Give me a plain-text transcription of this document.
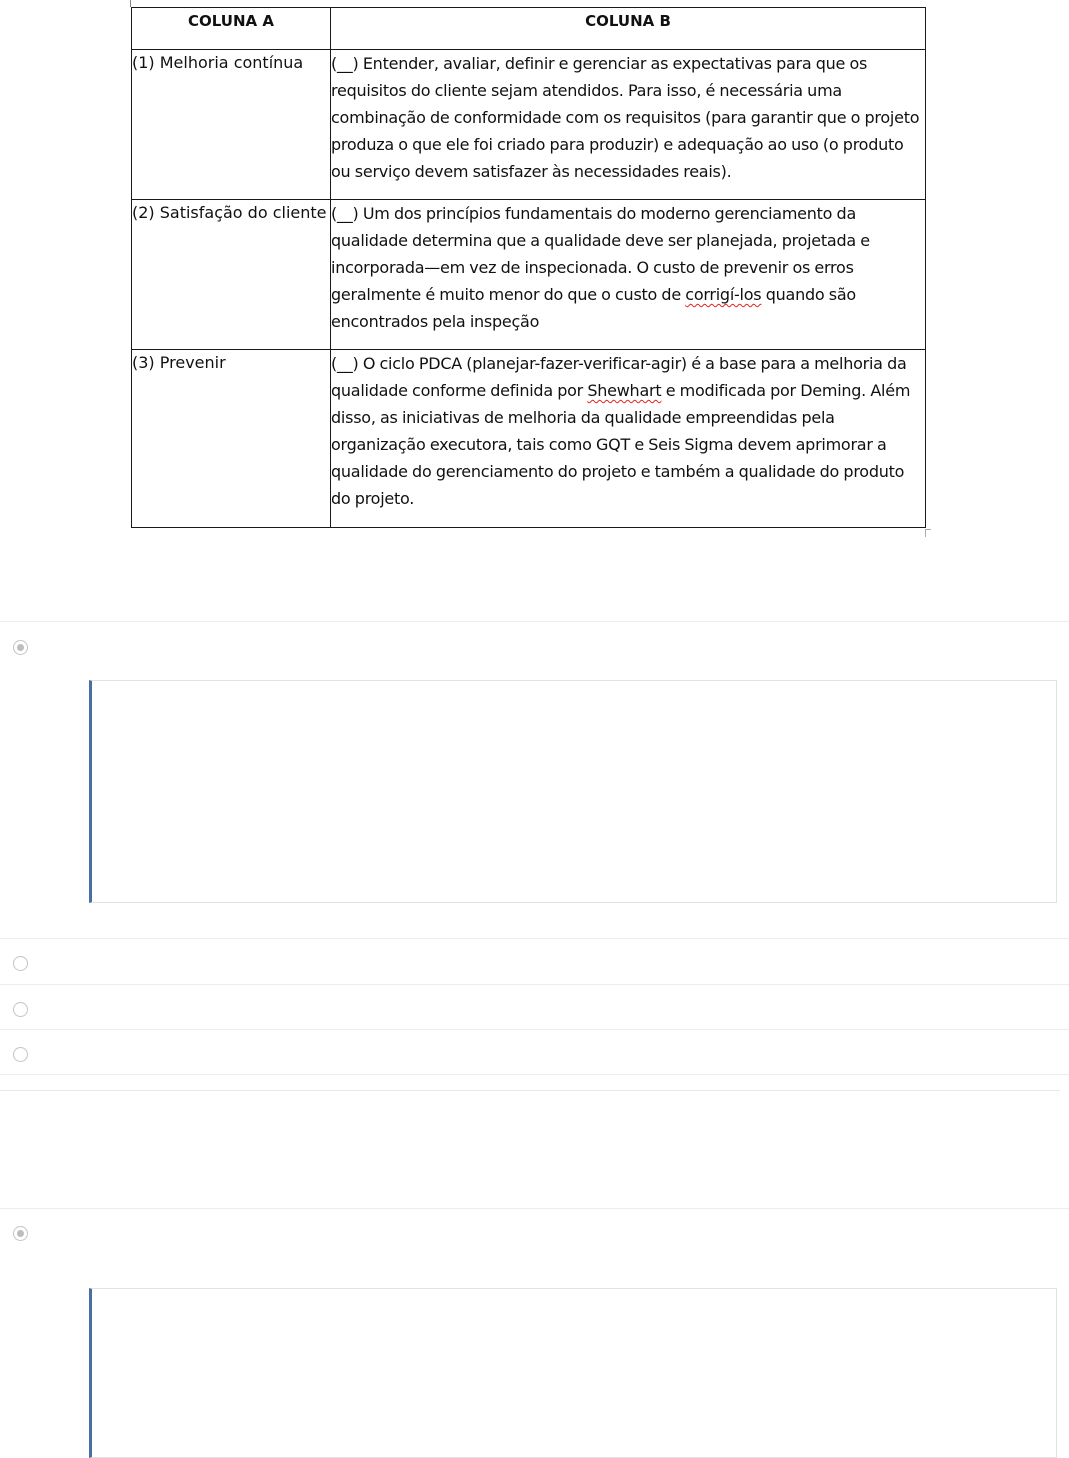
COLUNA A	COLUNA B
(1) Melhoria contínua	(__) Entender, avaliar, definir e gerenciar as expectativas para que os requisitos do cliente sejam atendidos. Para isso, é necessária uma combinação de conformidade com os requisitos (para garantir que o projeto produza o que ele foi criado para produzir) e adequação ao uso (o produto ou serviço devem satisfazer às necessidades reais).
(2) Satisfação do cliente	(__) Um dos princípios fundamentais do moderno gerenciamento da qualidade determina que a qualidade deve ser planejada, projetada e incorporada—em vez de inspecionada. O custo de prevenir os erros geralmente é muito menor do que o custo de corrigí-los quando são encontrados pela inspeção
(3) Prevenir	(__) O ciclo PDCA (planejar-fazer-verificar-agir) é a base para a melhoria da qualidade conforme definida por Shewhart e modificada por Deming. Além disso, as iniciativas de melhoria da qualidade empreendidas pela organização executora, tais como GQT e Seis Sigma devem aprimorar a qualidade do gerenciamento do projeto e também a qualidade do produto do projeto.
